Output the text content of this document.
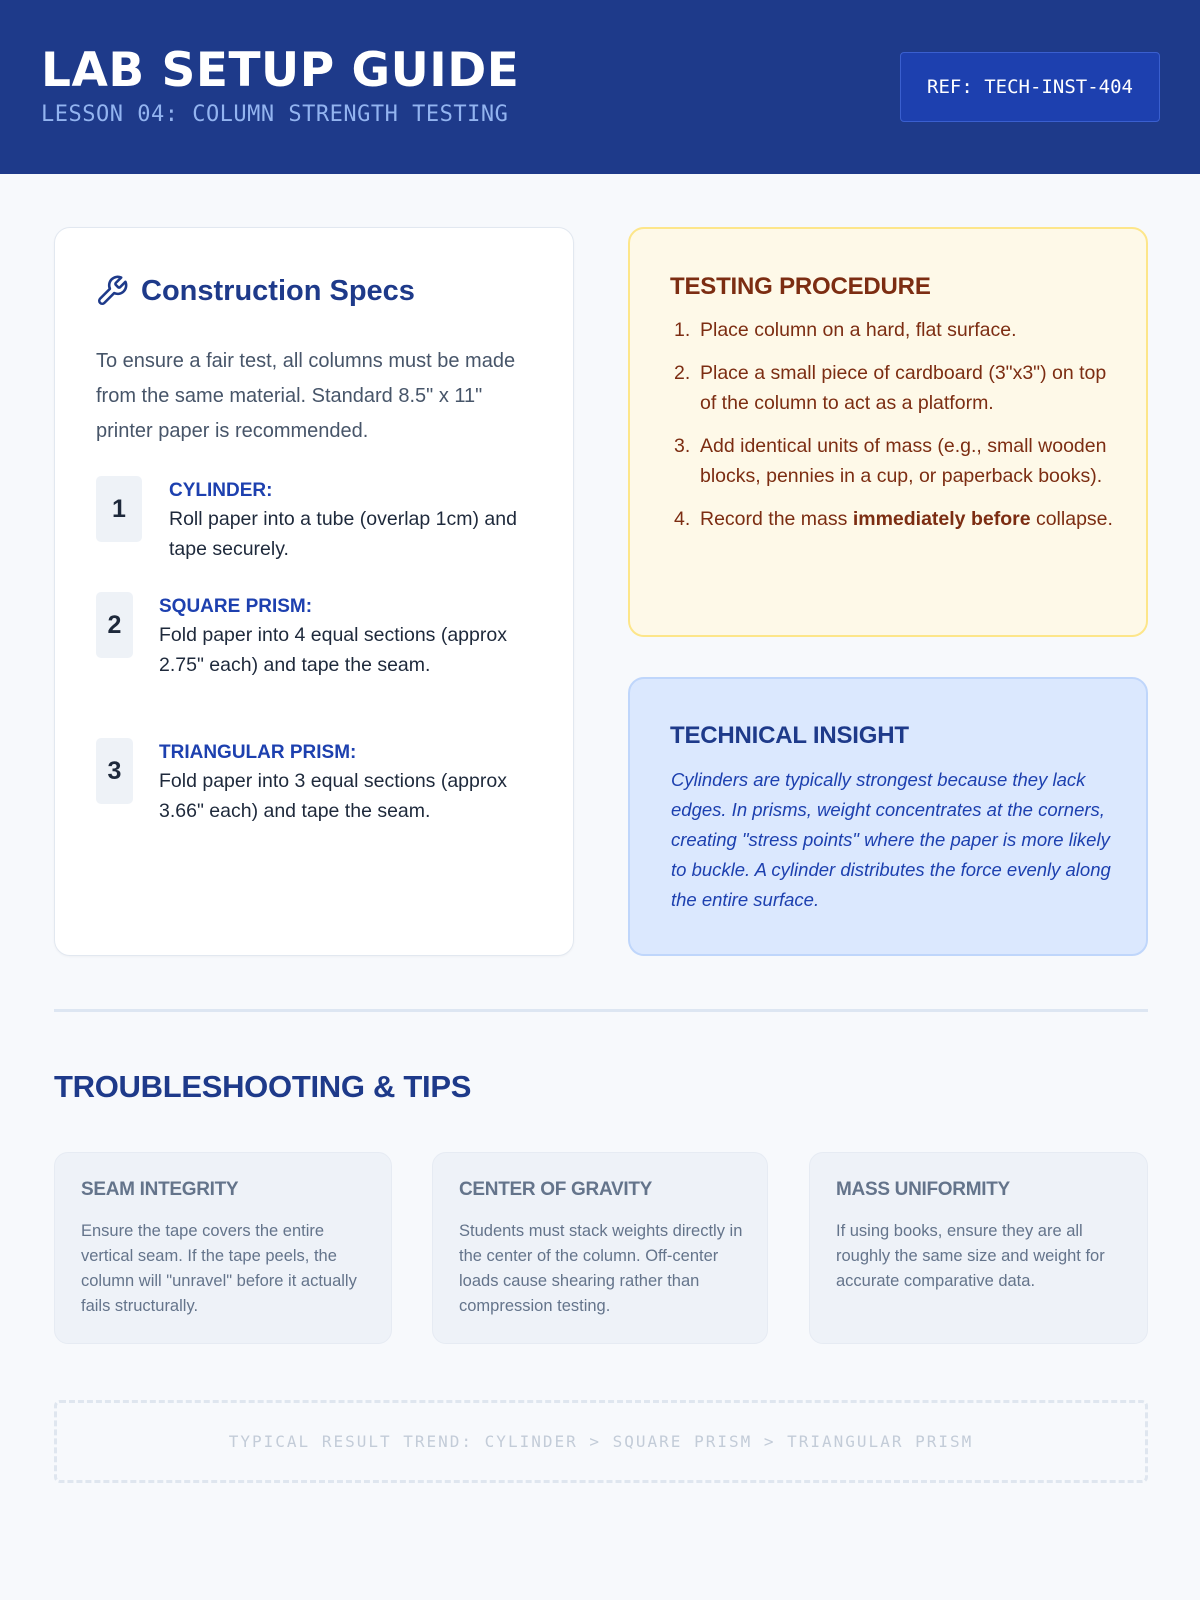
LAB SETUP GUIDE
LESSON 04: COLUMN STRENGTH TESTING
REF: TECH-INST-404
Construction Specs
To ensure a fair test, all columns must be made from the same material. Standard 8.5" x 11" printer paper is recommended.
1
CYLINDER:
Roll paper into a tube (overlap 1cm) and tape securely.
2
SQUARE PRISM:
Fold paper into 4 equal sections (approx 2.75" each) and tape the seam.
3
TRIANGULAR PRISM:
Fold paper into 3 equal sections (approx 3.66" each) and tape the seam.
TESTING PROCEDURE
1. Place column on a hard, flat surface.
2. Place a small piece of cardboard (3"x3") on top of the column to act as a platform.
3. Add identical units of mass (e.g., small wooden blocks, pennies in a cup, or paperback books).
4. Record the mass immediately before collapse.
TECHNICAL INSIGHT
Cylinders are typically strongest because they lack edges. In prisms, weight concentrates at the corners, creating "stress points" where the paper is more likely to buckle. A cylinder distributes the force evenly along the entire surface.
TROUBLESHOOTING & TIPS
SEAM INTEGRITY
Ensure the tape covers the entire vertical seam. If the tape peels, the column will "unravel" before it actually fails structurally.
CENTER OF GRAVITY
Students must stack weights directly in the center of the column. Off-center loads cause shearing rather than compression testing.
MASS UNIFORMITY
If using books, ensure they are all roughly the same size and weight for accurate comparative data.
TYPICAL RESULT TREND: CYLINDER > SQUARE PRISM > TRIANGULAR PRISM
